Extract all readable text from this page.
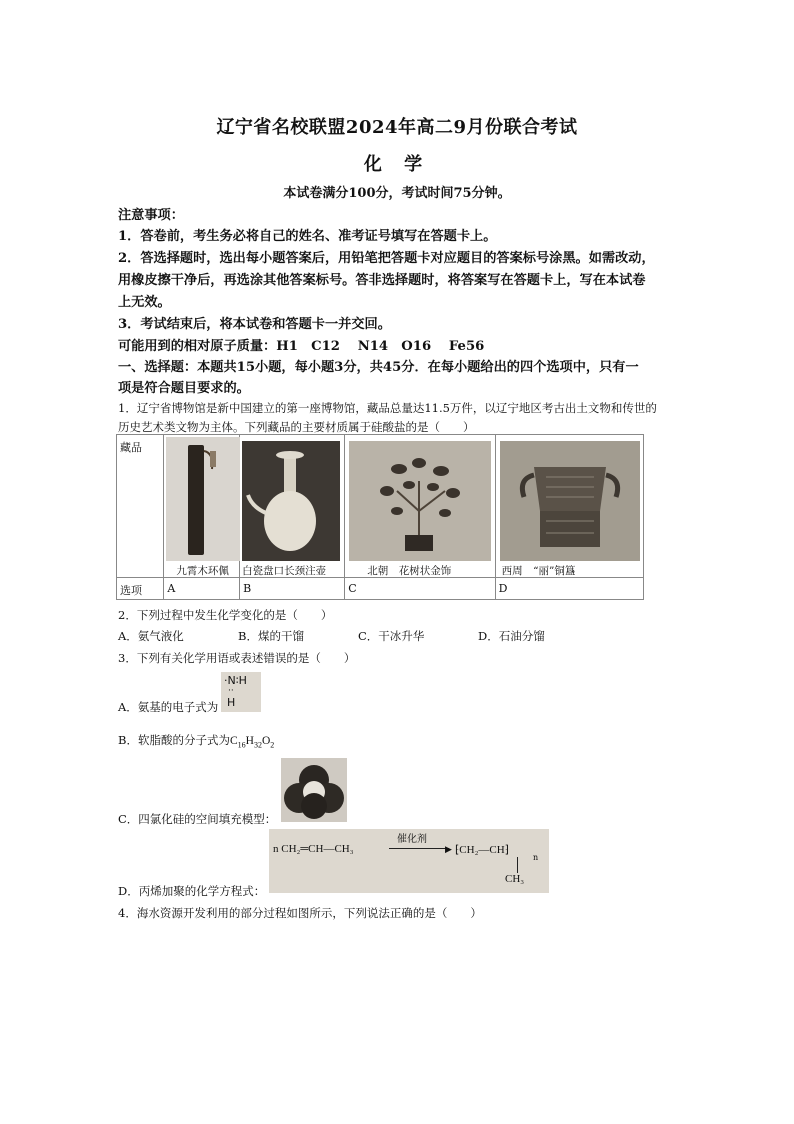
辽宁省名校联盟2024年高二9月份联合考试
化 学
本试卷满分100分，考试时间75分钟。
注意事项：
1．答卷前，考生务必将自己的姓名、准考证号填写在答题卡上。
2．答选择题时，选出每小题答案后，用铅笔把答题卡对应题目的答案标号涂黑。如需改动，
用橡皮擦干净后，再选涂其他答案标号。答非选择题时，将答案写在答题卡上，写在本试卷
上无效。
3．考试结束后，将本试卷和答题卡一并交回。
可能用到的相对原子质量：H1　C12　 N14　O16　 Fe56
一、选择题：本题共15小题，每小题3分，共45分．在每小题给出的四个选项中，只有一
项是符合题目要求的。
1．辽宁省博物馆是新中国建立的第一座博物馆，藏品总量达11.5万件，以辽宁地区考古出土文物和传世的
历史艺术类文物为主体。下列藏品的主要材质属于硅酸盐的是（　　）
藏品	九霄木环佩	白瓷盘口长颈注壶	北朝　花树状金饰	西周　“丽”铜簋

选项	A	B	C	D
2．下列过程中发生化学变化的是（　　）
A．氨气液化	B．煤的干馏	C．干冰升华	D．石油分馏
3．下列有关化学用语或表述错误的是（　　）
A．氨基的电子式为
·N∶H
··
H
B．软脂酸的分子式为$C_{16}H_{32}O_2$
C．四氯化硅的空间填充模型：
n CH₂═CH—CH₃
催化剂
▶ ⁅CH₂—CH⁆
n
CH₃
D．丙烯加聚的化学方程式：
4．海水资源开发利用的部分过程如图所示，下列说法正确的是（　　）
